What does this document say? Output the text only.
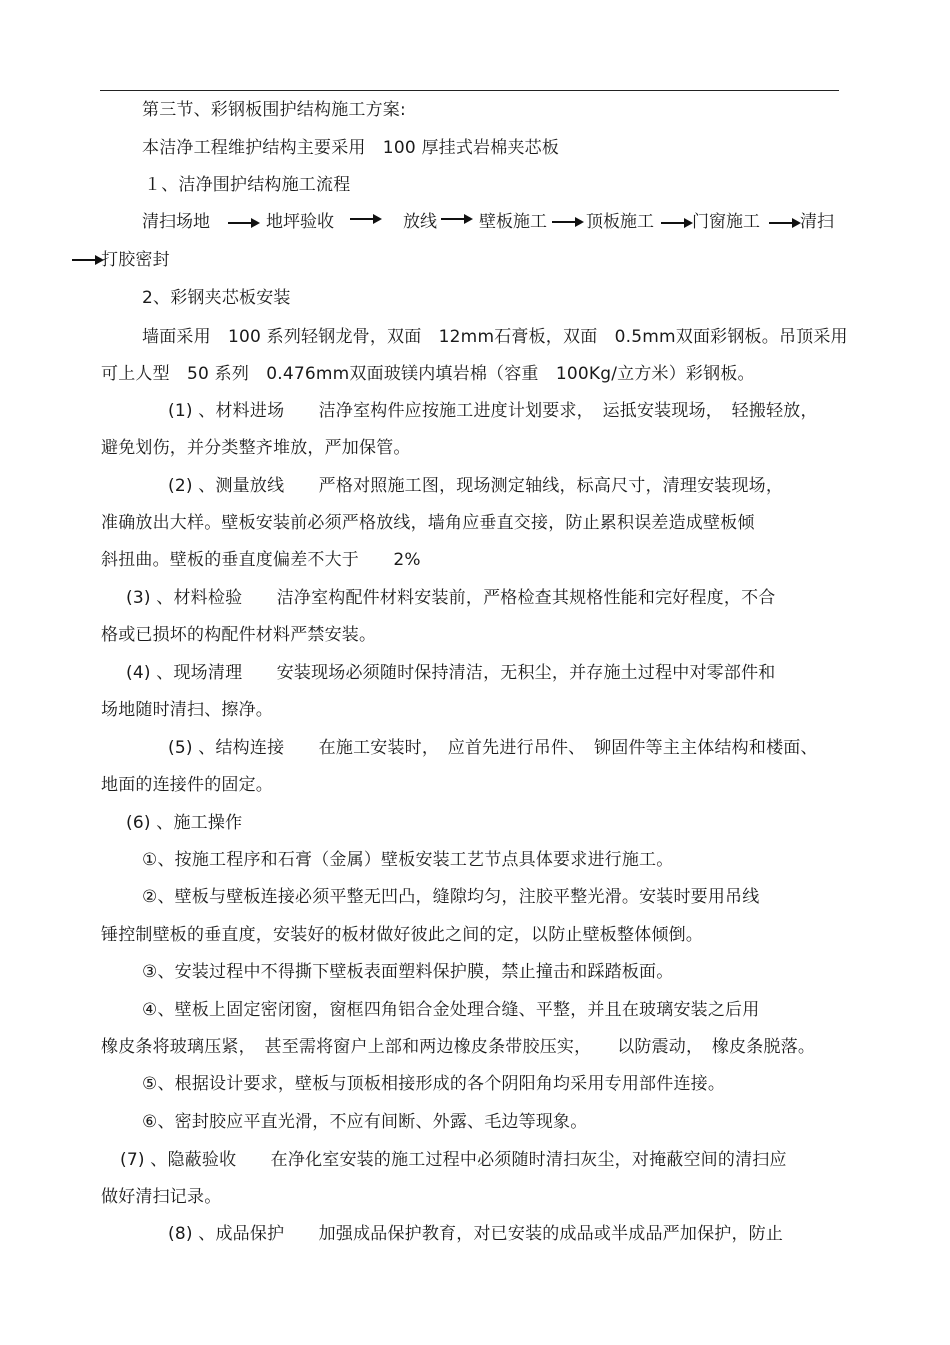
第三节、彩钢板围护结构施工方案:
本洁净工程维护结构主要采用　100 厚挂式岩棉夹芯板
１、洁净围护结构施工流程
清扫场地	地坪验收	放线 壁板施工 顶板施工 门窗施工 清扫
打胶密封
2、彩钢夹芯板安装
墙面采用　100 系列轻钢龙骨，双面　12mm石膏板，双面　0.5mm双面彩钢板。吊顶采用
可上人型　50 系列　0.476mm双面玻镁内填岩棉（容重　100Kg/立方米）彩钢板。
(1) 、材料进场　　洁净室构件应按施工进度计划要求，　运抵安装现场，　轻搬轻放，
避免划伤，并分类整齐堆放，严加保管。
(2) 、测量放线　　严格对照施工图，现场测定轴线，标高尺寸，清理安装现场，
准确放出大样。壁板安装前必须严格放线，墙角应垂直交接，防止累积误差造成壁板倾
斜扭曲。壁板的垂直度偏差不大于　　2%
(3) 、材料检验　　洁净室构配件材料安装前，严格检查其规格性能和完好程度，不合
格或已损坏的构配件材料严禁安装。
(4) 、现场清理　　安装现场必须随时保持清洁，无积尘，并存施土过程中对零部件和
场地随时清扫、擦净。
(5) 、结构连接　　在施工安装时，　应首先进行吊件、　铆固件等主主体结构和楼面、
地面的连接件的固定。
(6) 、施工操作
①、按施工程序和石膏（金属）壁板安装工艺节点具体要求进行施工。
②、壁板与壁板连接必须平整无凹凸，缝隙均匀，注胶平整光滑。安装时要用吊线
锤控制壁板的垂直度，安装好的板材做好彼此之间的定，以防止壁板整体倾倒。
③、安装过程中不得撕下壁板表面塑料保护膜，禁止撞击和踩踏板面。
④、壁板上固定密闭窗，窗框四角铝合金处理合缝、平整，并且在玻璃安装之后用
橡皮条将玻璃压紧，　甚至需将窗户上部和两边橡皮条带胶压实，　　以防震动，　橡皮条脱落。
⑤、根据设计要求，壁板与顶板相接形成的各个阴阳角均采用专用部件连接。
⑥、密封胶应平直光滑，不应有间断、外露、毛边等现象。
(7) 、隐蔽验收　　在净化室安装的施工过程中必须随时清扫灰尘，对掩蔽空间的清扫应
做好清扫记录。
(8) 、成品保护　　加强成品保护教育，对已安装的成品或半成品严加保护，防止
